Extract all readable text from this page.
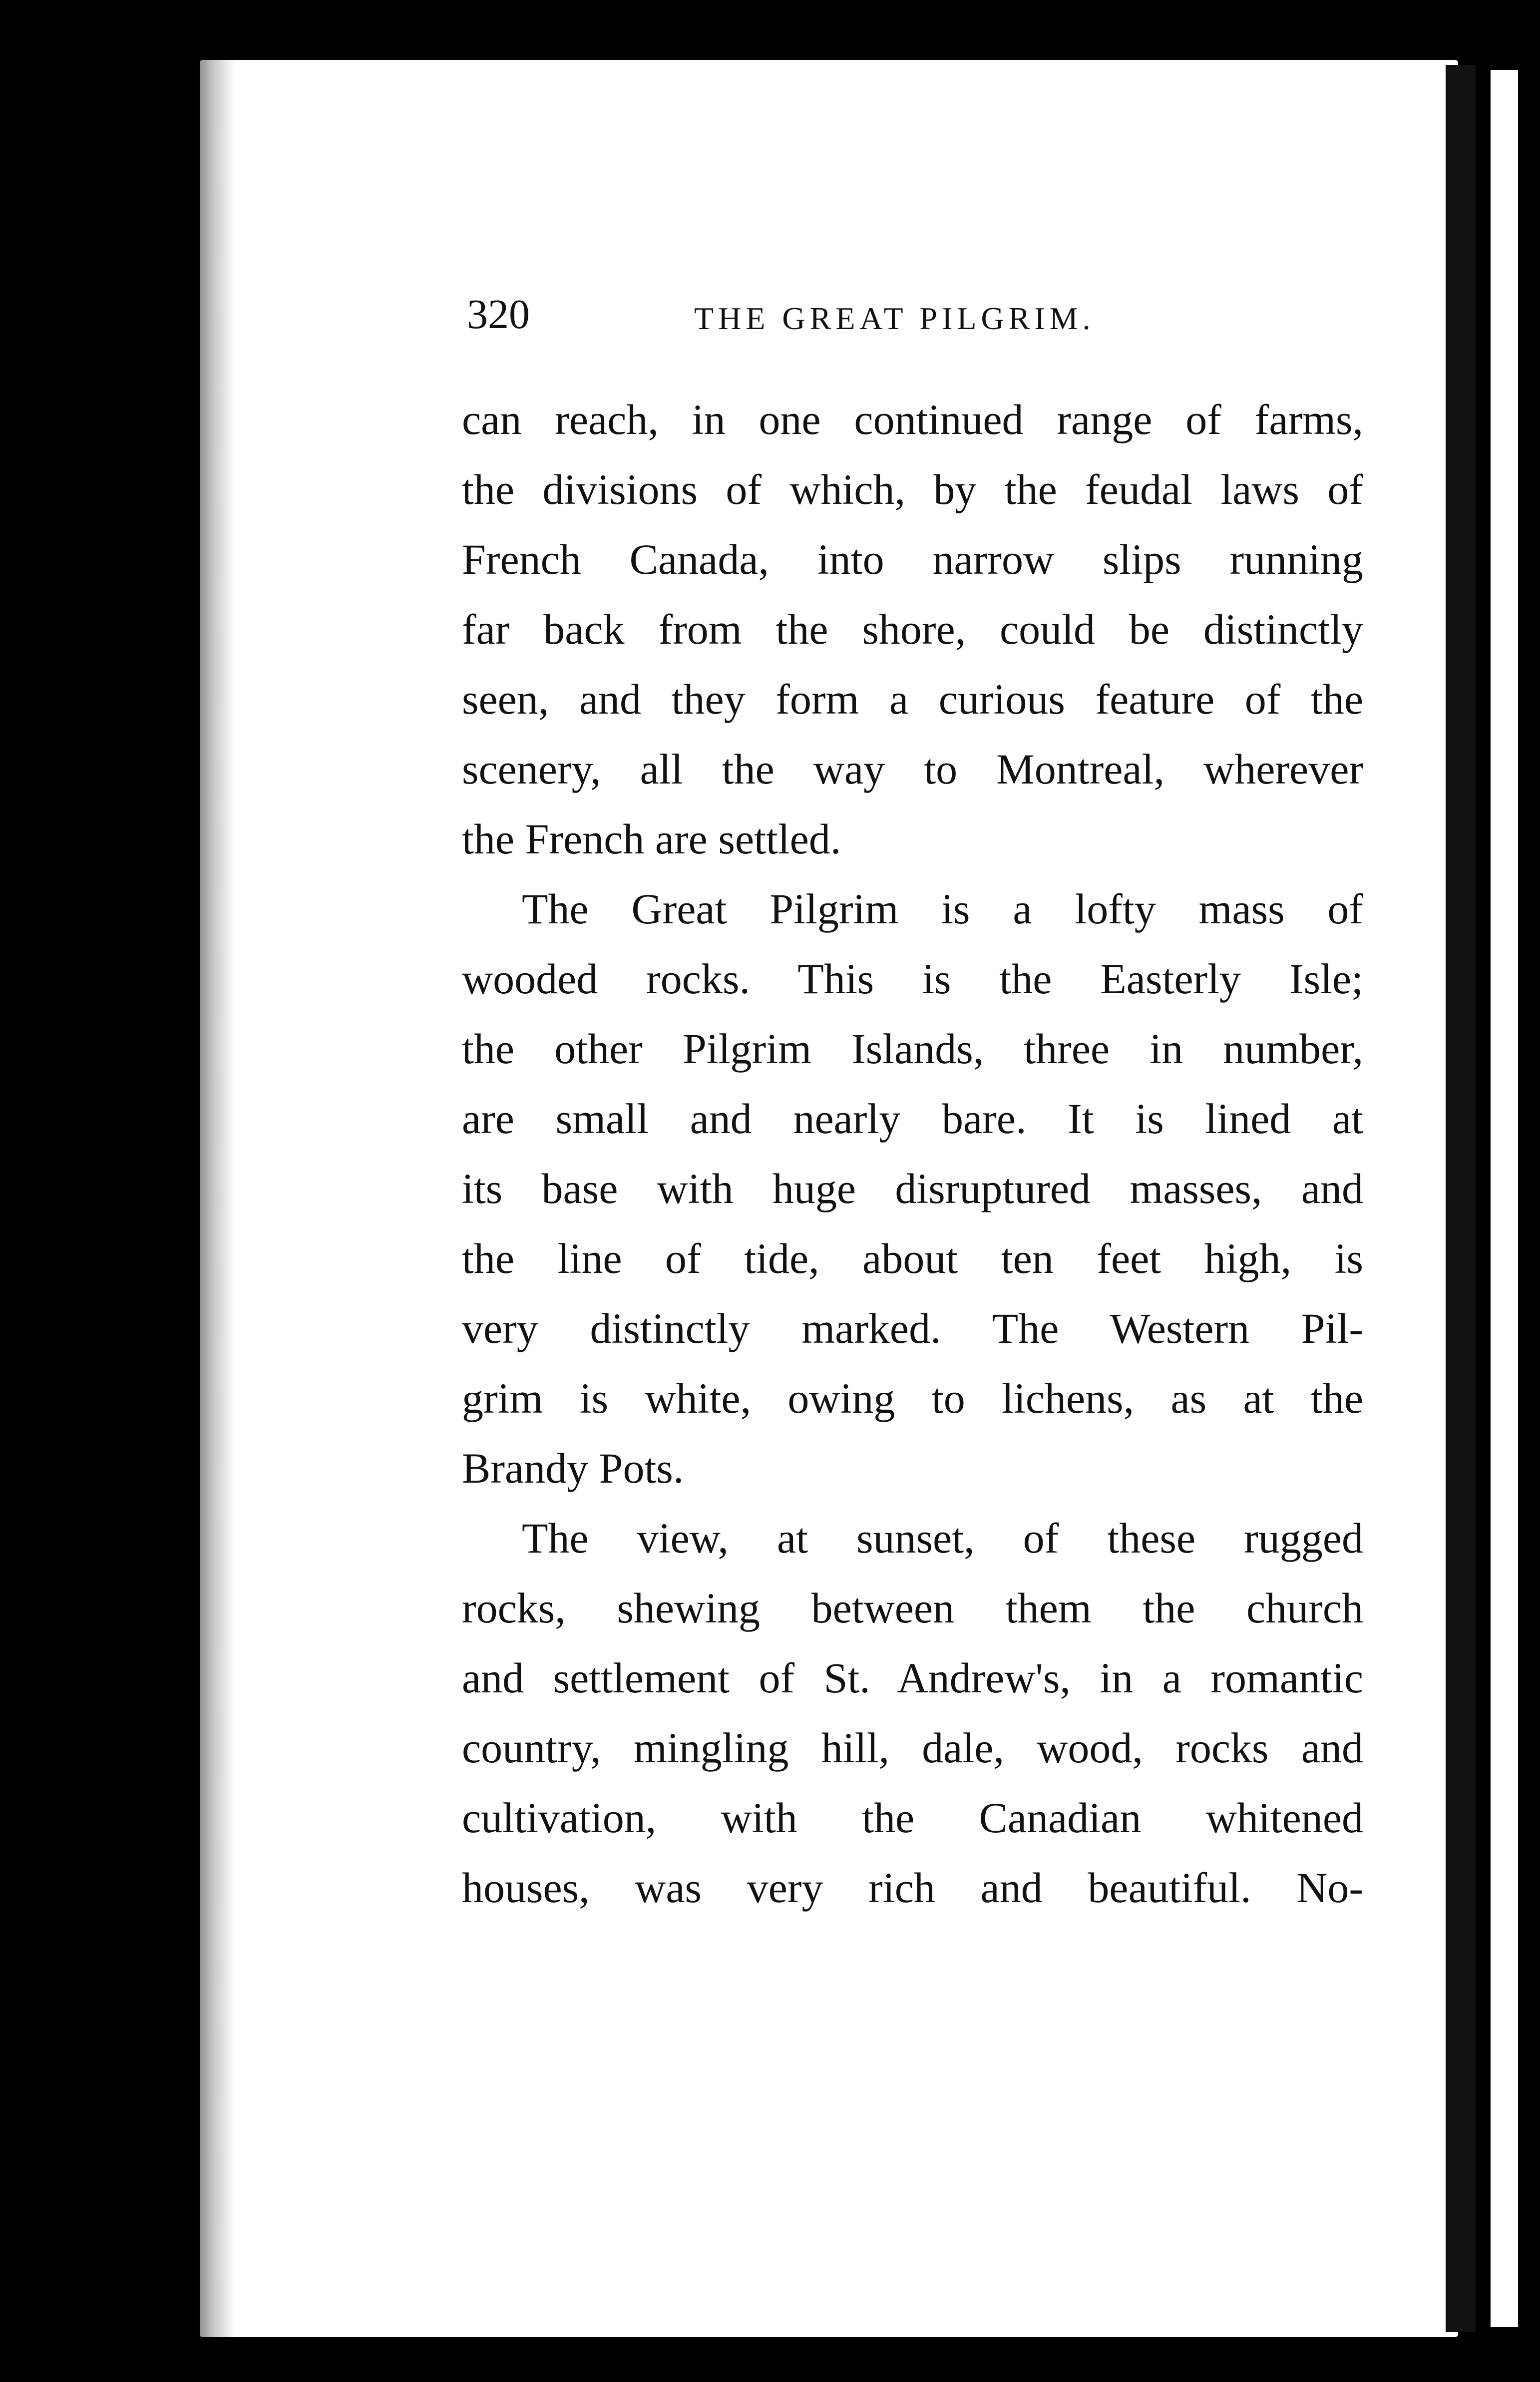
320	THE GREAT PILGRIM.
can reach, in one continued range of farms,
the divisions of which, by the feudal laws of
French Canada, into narrow slips running
far back from the shore, could be distinctly
seen, and they form a curious feature of the
scenery, all the way to Montreal, wherever
the French are settled.
The Great Pilgrim is a lofty mass of
wooded rocks. This is the Easterly Isle;
the other Pilgrim Islands, three in number,
are small and nearly bare. It is lined at
its base with huge disruptured masses, and
the line of tide, about ten feet high, is
very distinctly marked. The Western Pil-
grim is white, owing to lichens, as at the
Brandy Pots.
The view, at sunset, of these rugged
rocks, shewing between them the church
and settlement of St. Andrew's, in a romantic
country, mingling hill, dale, wood, rocks and
cultivation, with the Canadian whitened
houses, was very rich and beautiful. No-
